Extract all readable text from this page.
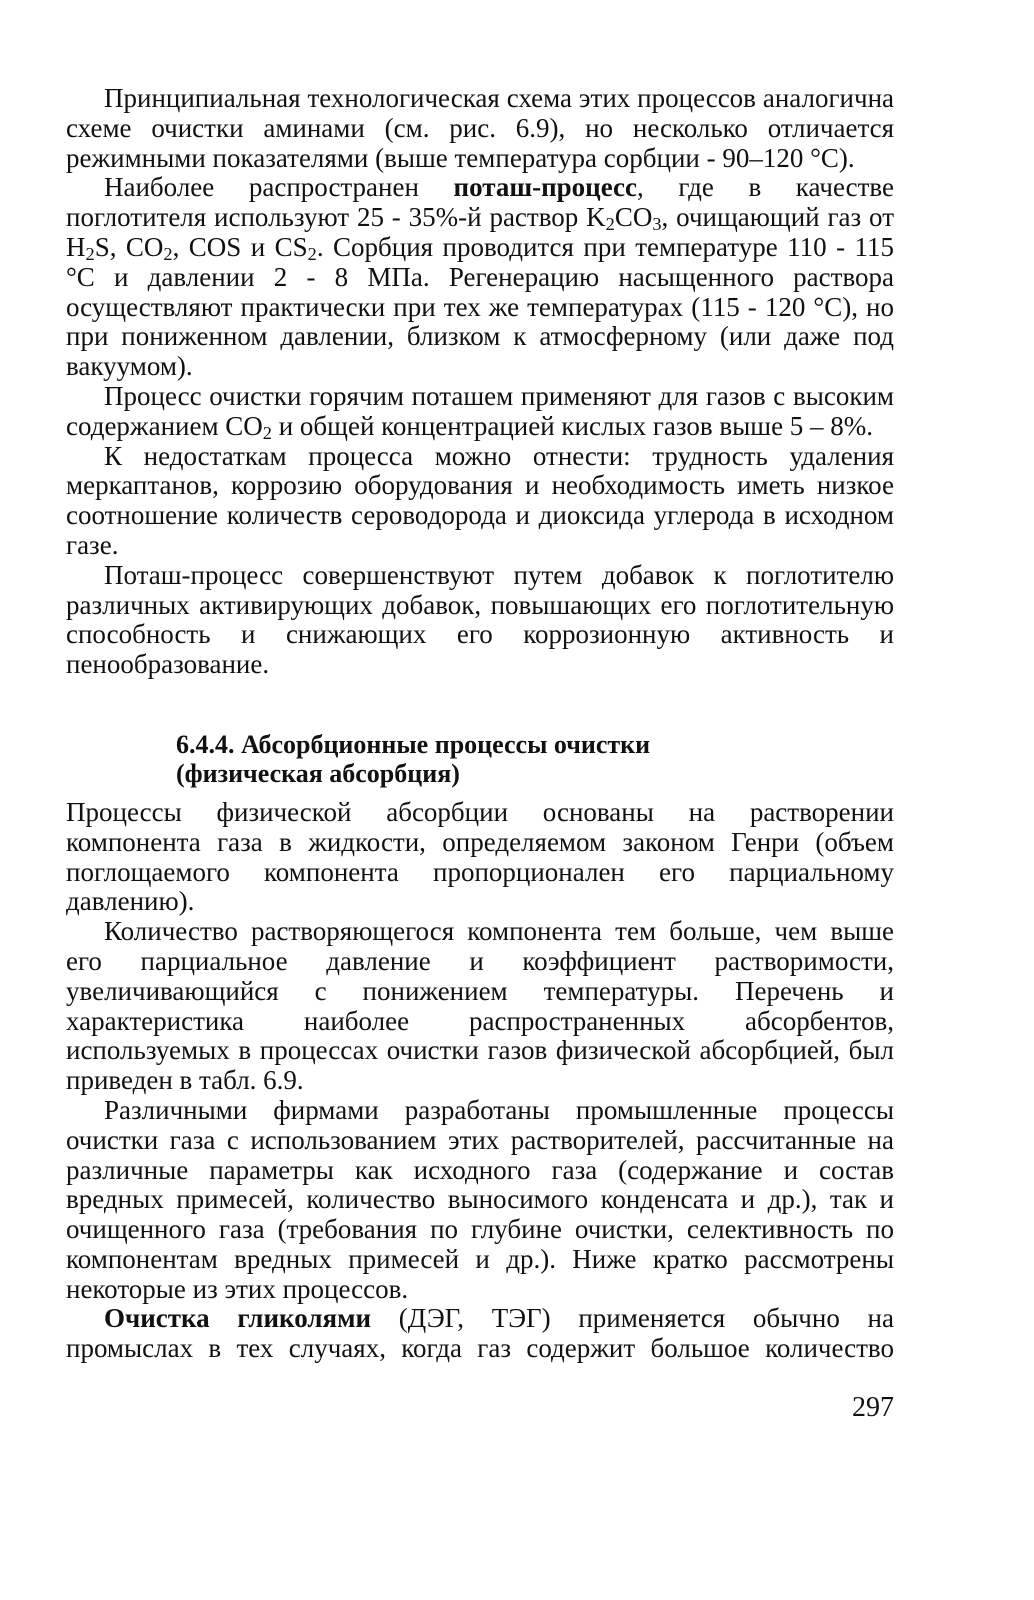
Принципиальная технологическая схема этих процессов аналогична схеме очистки аминами (см. рис. 6.9), но несколько отличается режимными показателями (выше температура сорбции - 90–120 °С).

Наиболее распространен поташ-процесс, где в качестве поглотителя используют 25 - 35%-й раствор $K_2CO_3$, очищающий газ от $H_2S$, $CO_2$, COS и $CS_2$. Сорбция проводится при температуре 110 - 115 °С и давлении 2 - 8 МПа. Регенерацию насыщенного раствора осуществляют практически при тех же температурах (115 - 120 °С), но при пониженном давлении, близком к атмосферному (или даже под вакуумом).

Процесс очистки горячим поташем применяют для газов с высоким содержанием $CO_2$ и общей концентрацией кислых газов выше 5 – 8%.

К недостаткам процесса можно отнести: трудность удаления меркаптанов, коррозию оборудования и необходимость иметь низкое соотношение количеств сероводорода и диоксида углерода в исходном газе.

Поташ-процесс совершенствуют путем добавок к поглотителю различных активирующих добавок, повышающих его поглотительную способность и снижающих его коррозионную активность и пенообразование.

6.4.4. Абсорбционные процессы очистки
(физическая абсорбция)

Процессы физической абсорбции основаны на растворении компонента газа в жидкости, определяемом законом Генри (объем поглощаемого компонента пропорционален его парциальному давлению).

Количество растворяющегося компонента тем больше, чем выше его парциальное давление и коэффициент растворимости, увеличивающийся с понижением температуры. Перечень и характеристика наиболее распространенных абсорбентов, используемых в процессах очистки газов физической абсорбцией, был приведен в табл. 6.9.

Различными фирмами разработаны промышленные процессы очистки газа с использованием этих растворителей, рассчитанные на различные параметры как исходного газа (содержание и состав вредных примесей, количество выносимого конденсата и др.), так и очищенного газа (требования по глубине очистки, селективность по компонентам вредных примесей и др.). Ниже кратко рассмотрены некоторые из этих процессов.

Очистка гликолями (ДЭГ, ТЭГ) применяется обычно на промыслах в тех случаях, когда газ содержит большое количество

297
